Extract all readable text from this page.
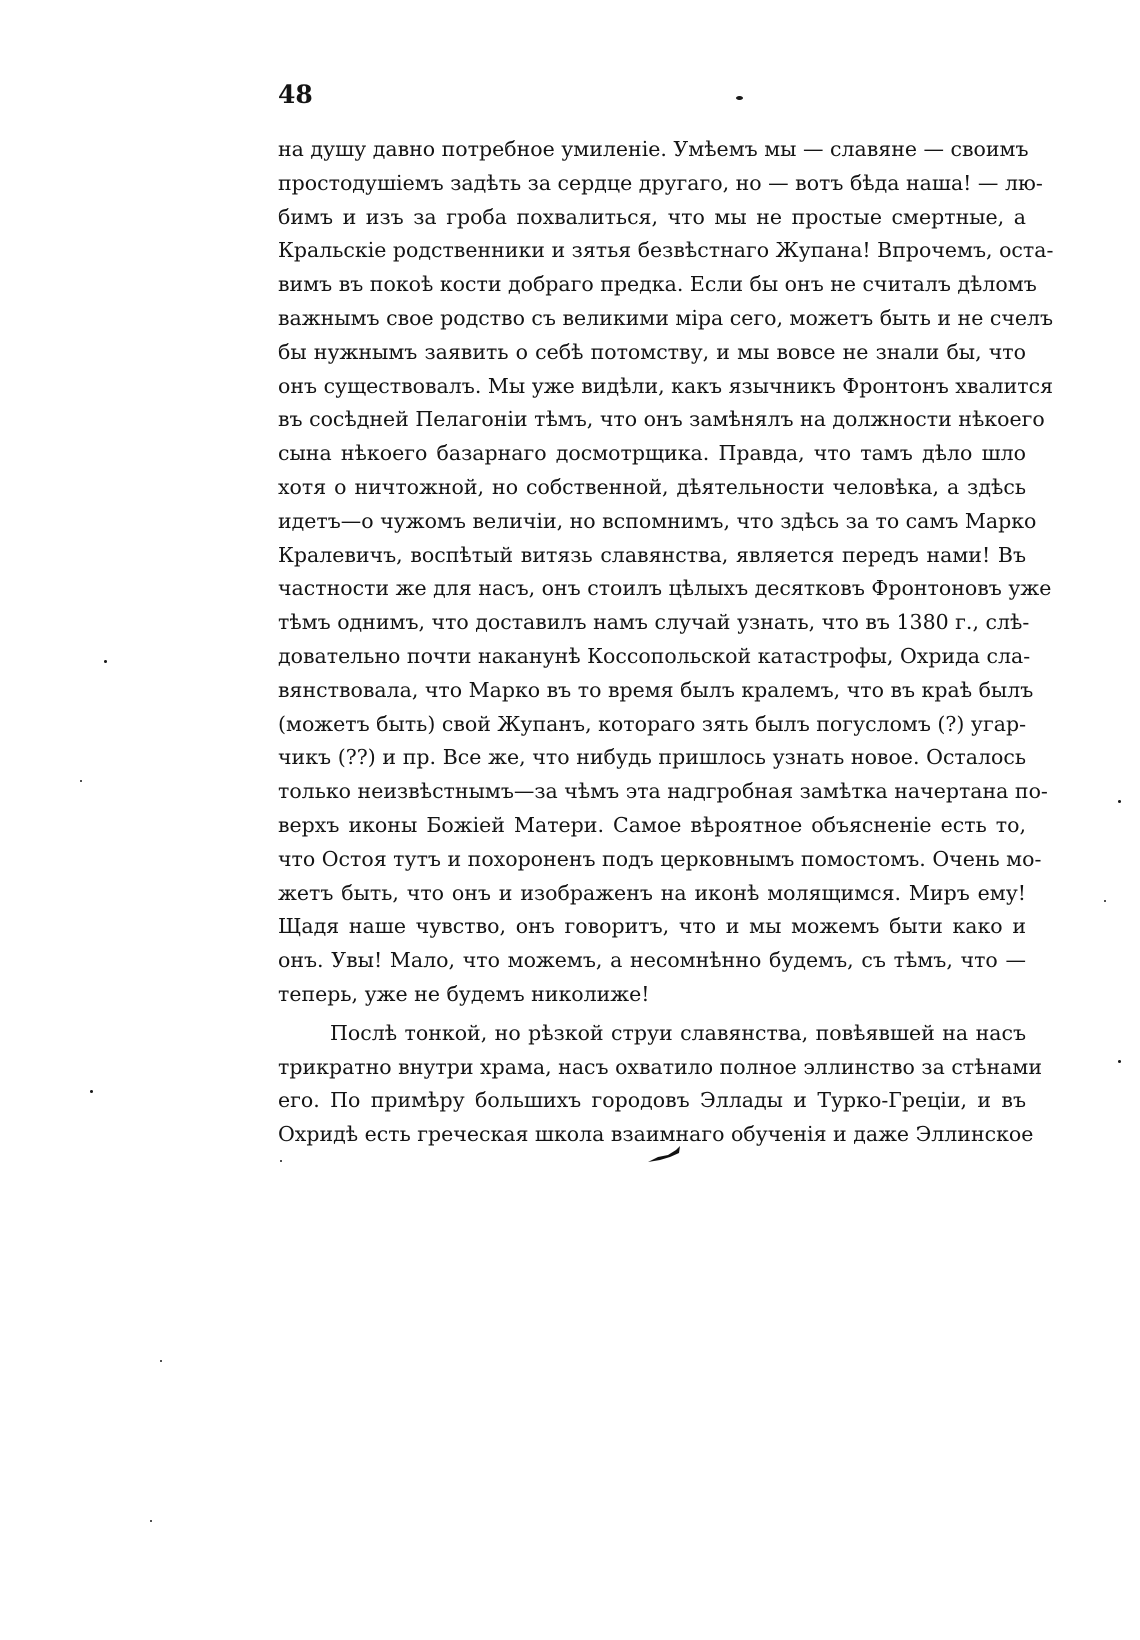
48
на душу давно потребное умиленіе. Умѣемъ мы — славяне — своимъ
простодушіемъ задѣть за сердце другаго, но — вотъ бѣда наша! — лю-
бимъ и изъ за гроба похвалиться, что мы не простые смертные, а
Кральскіе родственники и зятья безвѣстнаго Жупана! Впрочемъ, оста-
вимъ въ покоѣ кости добраго предка. Если бы онъ не считалъ дѣломъ
важнымъ свое родство съ великими міра сего, можетъ быть и не счелъ
бы нужнымъ заявить о себѣ потомству, и мы вовсе не знали бы, что
онъ существовалъ. Мы уже видѣли, какъ язычникъ Фронтонъ хвалится
въ сосѣдней Пелагоніи тѣмъ, что онъ замѣнялъ на должности нѣкоего
сына нѣкоего базарнаго досмотрщика. Правда, что тамъ дѣло шло
хотя о ничтожной, но собственной, дѣятельности человѣка, а здѣсь
идетъ—о чужомъ величіи, но вспомнимъ, что здѣсь за то самъ Марко
Кралевичъ, воспѣтый витязь славянства, является передъ нами! Въ
частности же для насъ, онъ стоилъ цѣлыхъ десятковъ Фронтоновъ уже
тѣмъ однимъ, что доставилъ намъ случай узнать, что въ 1380 г., слѣ-
довательно почти наканунѣ Коссопольской катастрофы, Охрида сла-
вянствовала, что Марко въ то время былъ кралемъ, что въ краѣ былъ
(можетъ быть) свой Жупанъ, котораго зять былъ погусломъ (?) угар-
чикъ (??) и пр. Все же, что нибудь пришлось узнать новое. Осталось
только неизвѣстнымъ—за чѣмъ эта надгробная замѣтка начертана по-
верхъ иконы Божіей Матери. Самое вѣроятное объясненіе есть то,
что Остоя тутъ и похороненъ подъ церковнымъ помостомъ. Очень мо-
жетъ быть, что онъ и изображенъ на иконѣ молящимся. Миръ ему!
Щадя наше чувство, онъ говоритъ, что и мы можемъ быти како и
онъ. Увы! Мало, что можемъ, а несомнѣнно будемъ, съ тѣмъ, что —
теперь, уже не будемъ николиже!
Послѣ тонкой, но рѣзкой струи славянства, повѣявшей на насъ
трикратно внутри храма, насъ охватило полное эллинство за стѣнами
его. По примѣру большихъ городовъ Эллады и Турко-Греціи, и въ
Охридѣ есть греческая школа взаимнаго обученія и даже Эллинское
